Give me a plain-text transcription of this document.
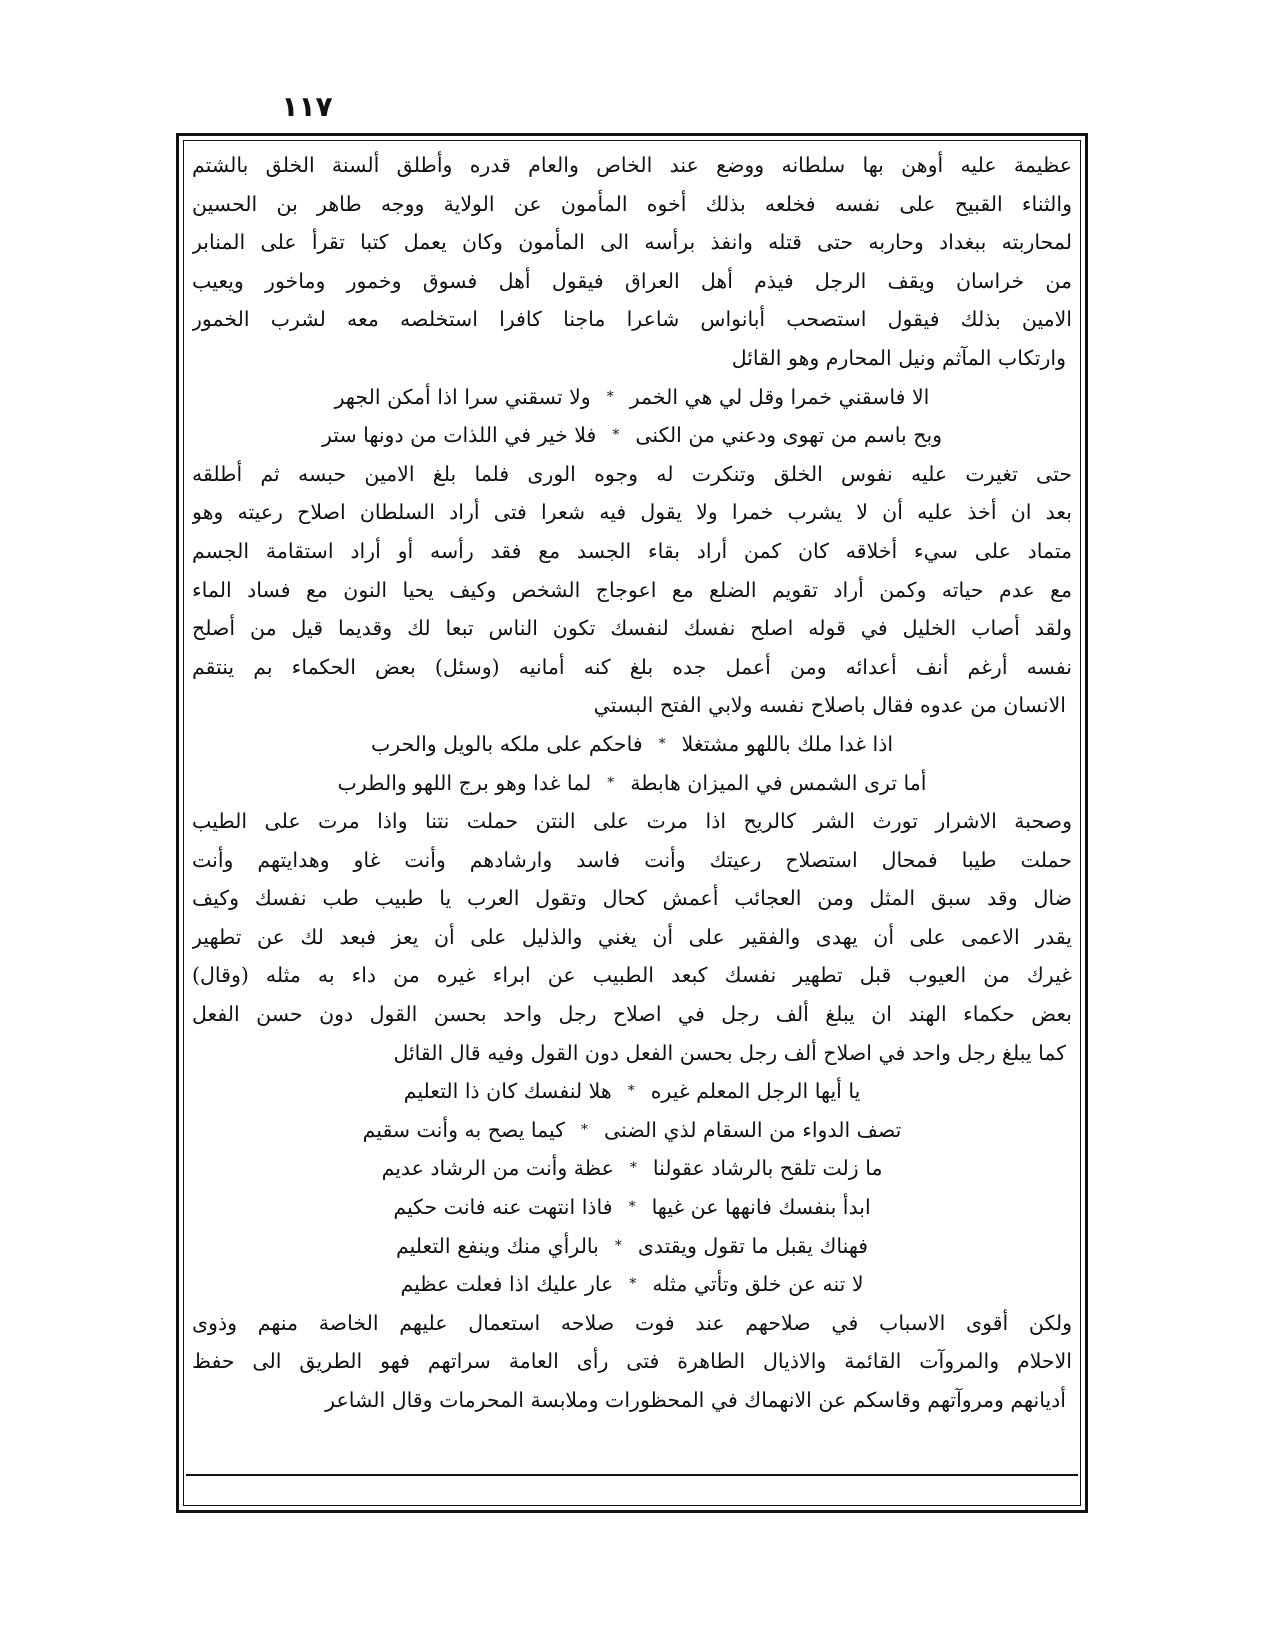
١١٧
عظيمة عليه أوهن بها سلطانه ووضع عند الخاص والعام قدره وأطلق ألسنة الخلق بالشتم
والثناء القبيح على نفسه فخلعه بذلك أخوه المأمون عن الولاية ووجه طاهر بن الحسين
لمحاربته ببغداد وحاربه حتى قتله وانفذ برأسه الى المأمون وكان يعمل كتبا تقرأ على المنابر
من خراسان ويقف الرجل فيذم أهل العراق فيقول أهل فسوق وخمور وماخور ويعيب
الامين بذلك فيقول استصحب أبانواس شاعرا ماجنا كافرا استخلصه معه لشرب الخمور
وارتكاب المآثم ونيل المحارم وهو القائل
الا فاسقني خمرا وقل لي هي الخمر
*
ولا تسقني سرا اذا أمكن الجهر
وبح باسم من تهوى ودعني من الكنى
*
فلا خير في اللذات من دونها ستر
حتى تغيرت عليه نفوس الخلق وتنكرت له وجوه الورى فلما بلغ الامين حبسه ثم أطلقه
بعد ان أخذ عليه أن لا يشرب خمرا ولا يقول فيه شعرا فتى أراد السلطان اصلاح رعيته وهو
متماد على سيء أخلاقه كان كمن أراد بقاء الجسد مع فقد رأسه أو أراد استقامة الجسم
مع عدم حياته وكمن أراد تقويم الضلع مع اعوجاج الشخص وكيف يحيا النون مع فساد الماء
ولقد أصاب الخليل في قوله اصلح نفسك لنفسك تكون الناس تبعا لك وقديما قيل من أصلح
نفسه أرغم أنف أعدائه ومن أعمل جده بلغ كنه أمانيه (وسئل) بعض الحكماء بم ينتقم
الانسان من عدوه فقال باصلاح نفسه ولابي الفتح البستي
اذا غدا ملك باللهو مشتغلا
*
فاحكم على ملكه بالويل والحرب
أما ترى الشمس في الميزان هابطة
*
لما غدا وهو برج اللهو والطرب
وصحبة الاشرار تورث الشر كالريح اذا مرت على النتن حملت نتنا واذا مرت على الطيب
حملت طيبا فمحال استصلاح رعيتك وأنت فاسد وارشادهم وأنت غاو وهدايتهم وأنت
ضال وقد سبق المثل ومن العجائب أعمش كحال وتقول العرب يا طبيب طب نفسك وكيف
يقدر الاعمى على أن يهدى والفقير على أن يغني والذليل على أن يعز فبعد لك عن تطهير
غيرك من العيوب قبل تطهير نفسك كبعد الطبيب عن ابراء غيره من داء به مثله (وقال)
بعض حكماء الهند ان يبلغ ألف رجل في اصلاح رجل واحد بحسن القول دون حسن الفعل
كما يبلغ رجل واحد في اصلاح ألف رجل بحسن الفعل دون القول وفيه قال القائل
يا أيها الرجل المعلم غيره
*
هلا لنفسك كان ذا التعليم
تصف الدواء من السقام لذي الضنى
*
كيما يصح به وأنت سقيم
ما زلت تلقح بالرشاد عقولنا
*
عظة وأنت من الرشاد عديم
ابدأ بنفسك فانهها عن غيها
*
فاذا انتهت عنه فانت حكيم
فهناك يقبل ما تقول ويقتدى
*
بالرأي منك وينفع التعليم
لا تنه عن خلق وتأتي مثله
*
عار عليك اذا فعلت عظيم
ولكن أقوى الاسباب في صلاحهم عند فوت صلاحه استعمال عليهم الخاصة منهم وذوى
الاحلام والمروآت القائمة والاذيال الطاهرة فتى رأى العامة سراتهم فهو الطريق الى حفظ
أديانهم ومروآتهم وقاسكم عن الانهماك في المحظورات وملابسة المحرمات وقال الشاعر
